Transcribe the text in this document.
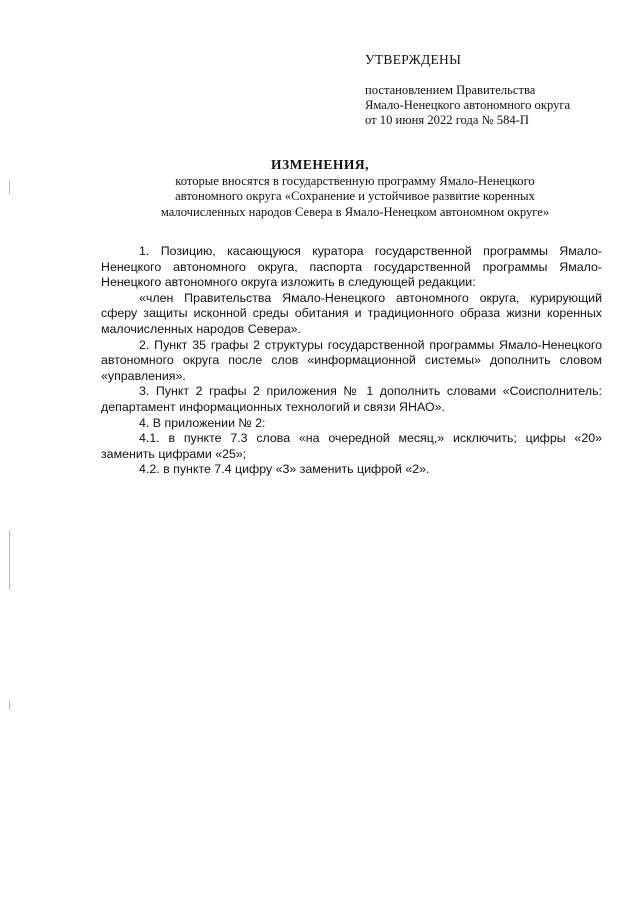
УТВЕРЖДЕНЫ
постановлением Правительства
Ямало-Ненецкого автономного округа
от 10 июня 2022 года № 584-П
ИЗМЕНЕНИЯ,
которые вносятся в государственную программу Ямало-Ненецкого
автономного округа «Сохранение и устойчивое развитие коренных
малочисленных народов Севера в Ямало-Ненецком автономном округе»

1. Позицию, касающуюся куратора государственной программы Ямало-Ненецкого автономного округа, паспорта государственной программы Ямало-Ненецкого автономного округа изложить в следующей редакции:

«член Правительства Ямало-Ненецкого автономного округа, курирующий сферу защиты исконной среды обитания и традиционного образа жизни коренных малочисленных народов Севера».

2. Пункт 35 графы 2 структуры государственной программы Ямало-Ненецкого автономного округа после слов «информационной системы» дополнить словом «управления».

3. Пункт 2 графы 2 приложения № 1 дополнить словами «Соисполнитель: департамент информационных технологий и связи ЯНАО».

4. В приложении № 2:

4.1. в пункте 7.3 слова «на очередной месяц,» исключить; цифры «20» заменить цифрами «25»;

4.2. в пункте 7.4 цифру «3» заменить цифрой «2».
